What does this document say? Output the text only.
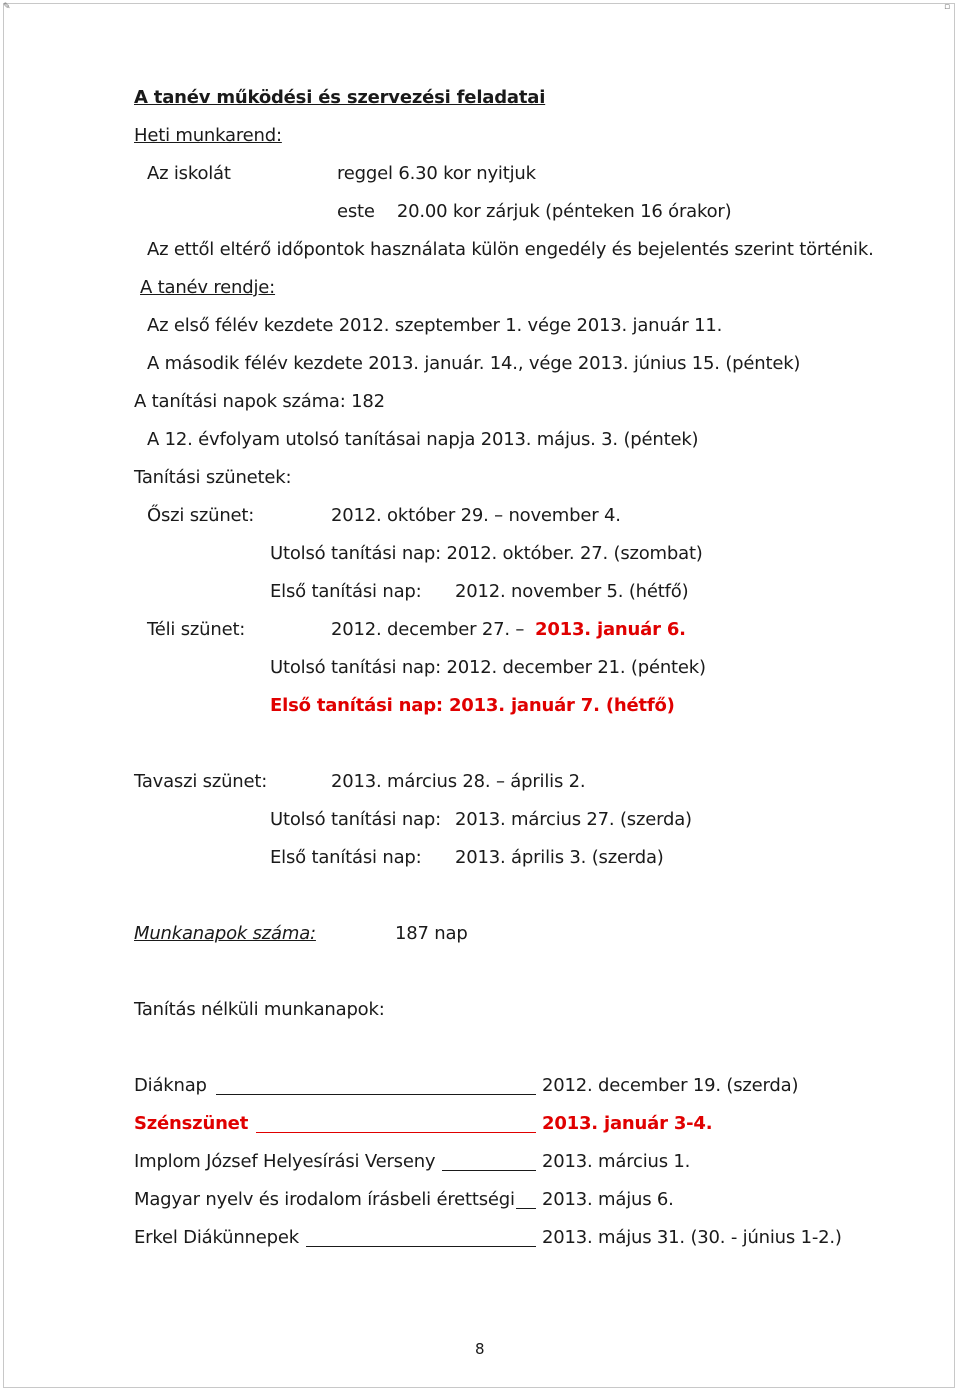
✎	▫
A tanév működési és szervezési feladatai
Heti munkarend:
Az iskolát	reggel 6.30 kor nyitjuk
este    20.00 kor zárjuk (pénteken 16 órakor)
Az ettől eltérő időpontok használata külön engedély és bejelentés szerint történik.
A tanév rendje:
Az első félév kezdete 2012. szeptember 1. vége 2013. január 11.
A második félév kezdete 2013. január. 14., vége 2013. június 15. (péntek)
A tanítási napok száma: 182
A 12. évfolyam utolsó tanításai napja 2013. május. 3. (péntek)
Tanítási szünetek:
Őszi szünet:	2012. október 29. – november 4.
Utolsó tanítási nap: 2012. október. 27. (szombat)
Első tanítási nap: 2012. november 5. (hétfő)
Téli szünet:	2012. december 27. – 2013. január 6.
Utolsó tanítási nap: 2012. december 21. (péntek)
Első tanítási nap: 2013. január 7. (hétfő)
Tavaszi szünet:	2013. március 28. – április 2.
Utolsó tanítási nap: 2013. március 27. (szerda)
Első tanítási nap: 2013. április 3. (szerda)
Munkanapok száma:	187 nap
Tanítás nélküli munkanapok:
Diáknap	2012. december 19. (szerda)
Szénszünet	2013. január 3-4.
Implom József Helyesírási Verseny	2013. március 1.
Magyar nyelv és irodalom írásbeli érettségi 2013. május 6.
Erkel Diákünnepek	2013. május 31. (30. - június 1-2.)
8
